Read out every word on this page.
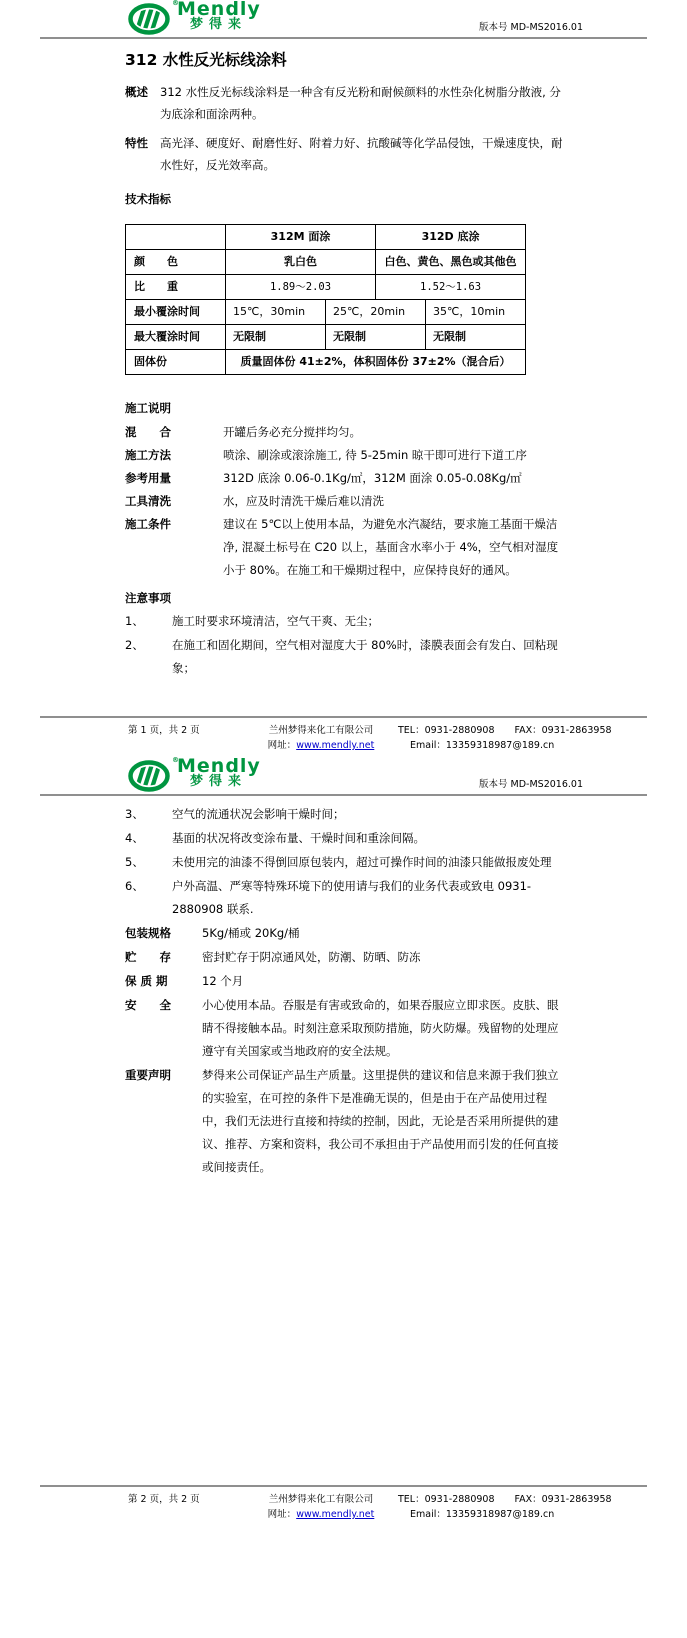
®
Mendly
梦得来	版本号 MD-MS2016.01
312 水性反光标线涂料
概述	312 水性反光标线涂料是一种含有反光粉和耐候颜料的水性杂化树脂分散液, 分为底涂和面涂两种。
特性	高光泽、硬度好、耐磨性好、附着力好、抗酸碱等化学品侵蚀，干燥速度快，耐水性好，反光效率高。
技术指标
	312M 面涂		312D 底涂	
颜　　色	乳白色		白色、黄色、黑色或其他色	
比　　重	1.89～2.03		1.52～1.63	
最小覆涂时间	15℃，30min	25℃，20min		35℃，10min
最大覆涂时间	无限制	无限制		无限制
固体份	质量固体份 41±2%，体积固体份 37±2%（混合后）			
施工说明
混　　合	开罐后务必充分搅拌均匀。
施工方法	喷涂、刷涂或滚涂施工, 待 5-25min 晾干即可进行下道工序
参考用量	312D 底涂 0.06-0.1Kg/㎡，312M 面涂 0.05-0.08Kg/㎡
工具清洗	水，应及时清洗干燥后难以清洗
施工条件	建议在 5℃以上使用本品，为避免水汽凝结，要求施工基面干燥洁净, 混凝土标号在 C20 以上，基面含水率小于 4%，空气相对湿度小于 80%。在施工和干燥期过程中，应保持良好的通风。
注意事项
1、	施工时要求环境清洁，空气干爽、无尘；
2、	在施工和固化期间，空气相对湿度大于 80%时，漆膜表面会有发白、回粘现象；
第 1 页，共 2 页	兰州梦得来化工有限公司
网址：www.mendly.net
TEL：0931-2880908 FAX：0931-2863958
Email：13359318987@189.cn
®
Mendly
梦得来	版本号 MD-MS2016.01
3、	空气的流通状况会影响干燥时间；
4、	基面的状况将改变涂布量、干燥时间和重涂间隔。
5、	未使用完的油漆不得倒回原包装内，超过可操作时间的油漆只能做报废处理
6、	户外高温、严寒等特殊环境下的使用请与我们的业务代表或致电 0931-2880908 联系.
包装规格	5Kg/桶或 20Kg/桶
贮　　存	密封贮存于阴凉通风处，防潮、防晒、防冻
保 质 期	12 个月
安　　全	小心使用本品。吞服是有害或致命的，如果吞服应立即求医。皮肤、眼睛不得接触本品。时刻注意采取预防措施，防火防爆。残留物的处理应遵守有关国家或当地政府的安全法规。
重要声明	梦得来公司保证产品生产质量。这里提供的建议和信息来源于我们独立的实验室，在可控的条件下是准确无误的，但是由于在产品使用过程中，我们无法进行直接和持续的控制，因此，无论是否采用所提供的建议、推荐、方案和资料，我公司不承担由于产品使用而引发的任何直接或间接责任。
第 2 页，共 2 页	兰州梦得来化工有限公司
网址：www.mendly.net
TEL：0931-2880908 FAX：0931-2863958
Email：13359318987@189.cn
